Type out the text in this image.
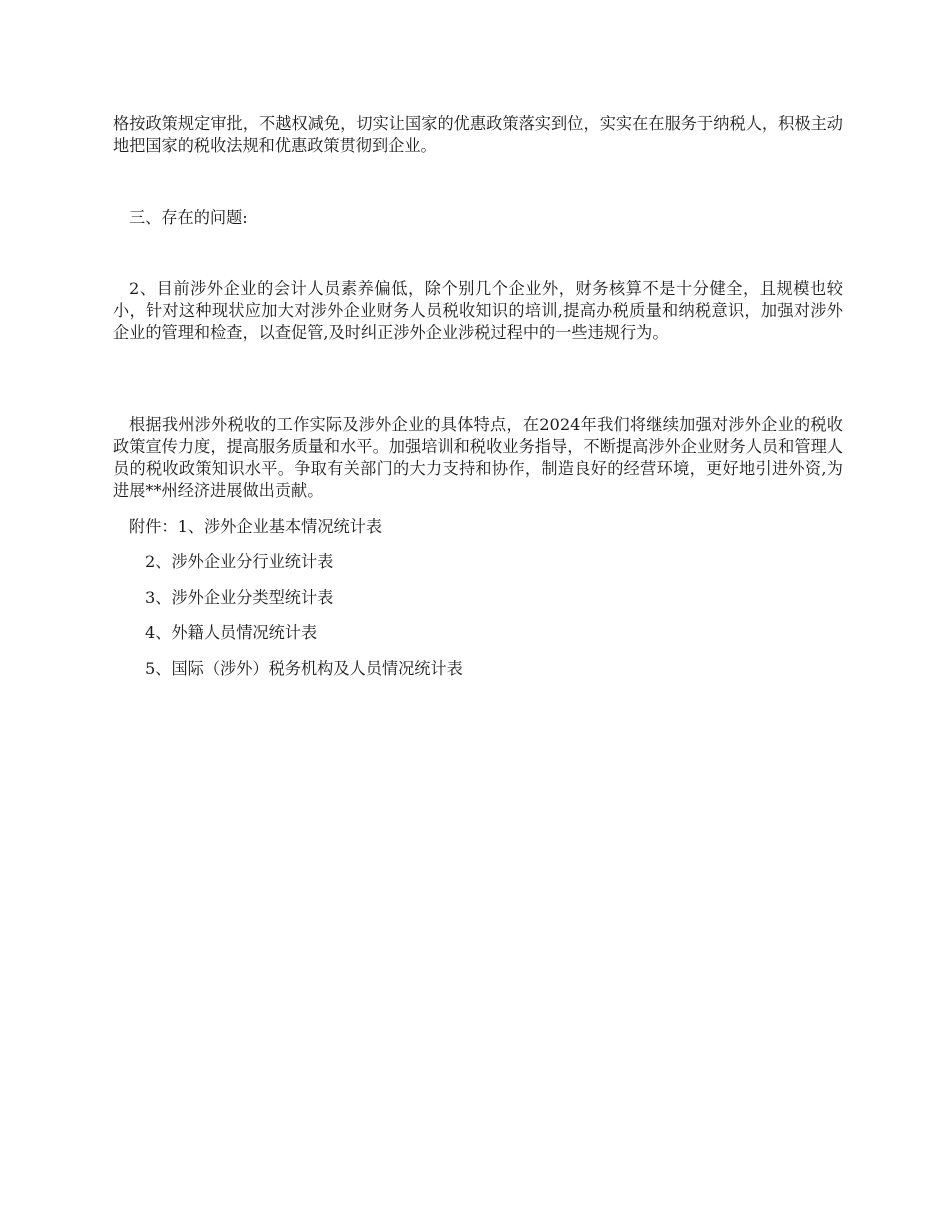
格按政策规定审批，不越权减免，切实让国家的优惠政策落实到位，实实在在服务于纳税人，积极主动地把国家的税收法规和优惠政策贯彻到企业。

三、存在的问题:

2、目前涉外企业的会计人员素养偏低，除个别几个企业外，财务核算不是十分健全，且规模也较小，针对这种现状应加大对涉外企业财务人员税收知识的培训,提高办税质量和纳税意识，加强对涉外企业的管理和检查，以查促管,及时纠正涉外企业涉税过程中的一些违规行为。

根据我州涉外税收的工作实际及涉外企业的具体特点，在2024年我们将继续加强对涉外企业的税收政策宣传力度，提高服务质量和水平。加强培训和税收业务指导，不断提高涉外企业财务人员和管理人员的税收政策知识水平。争取有关部门的大力支持和协作，制造良好的经营环境，更好地引进外资,为进展**州经济进展做出贡献。

附件：1、涉外企业基本情况统计表

2、涉外企业分行业统计表

3、涉外企业分类型统计表

4、外籍人员情况统计表

5、国际（涉外）税务机构及人员情况统计表
